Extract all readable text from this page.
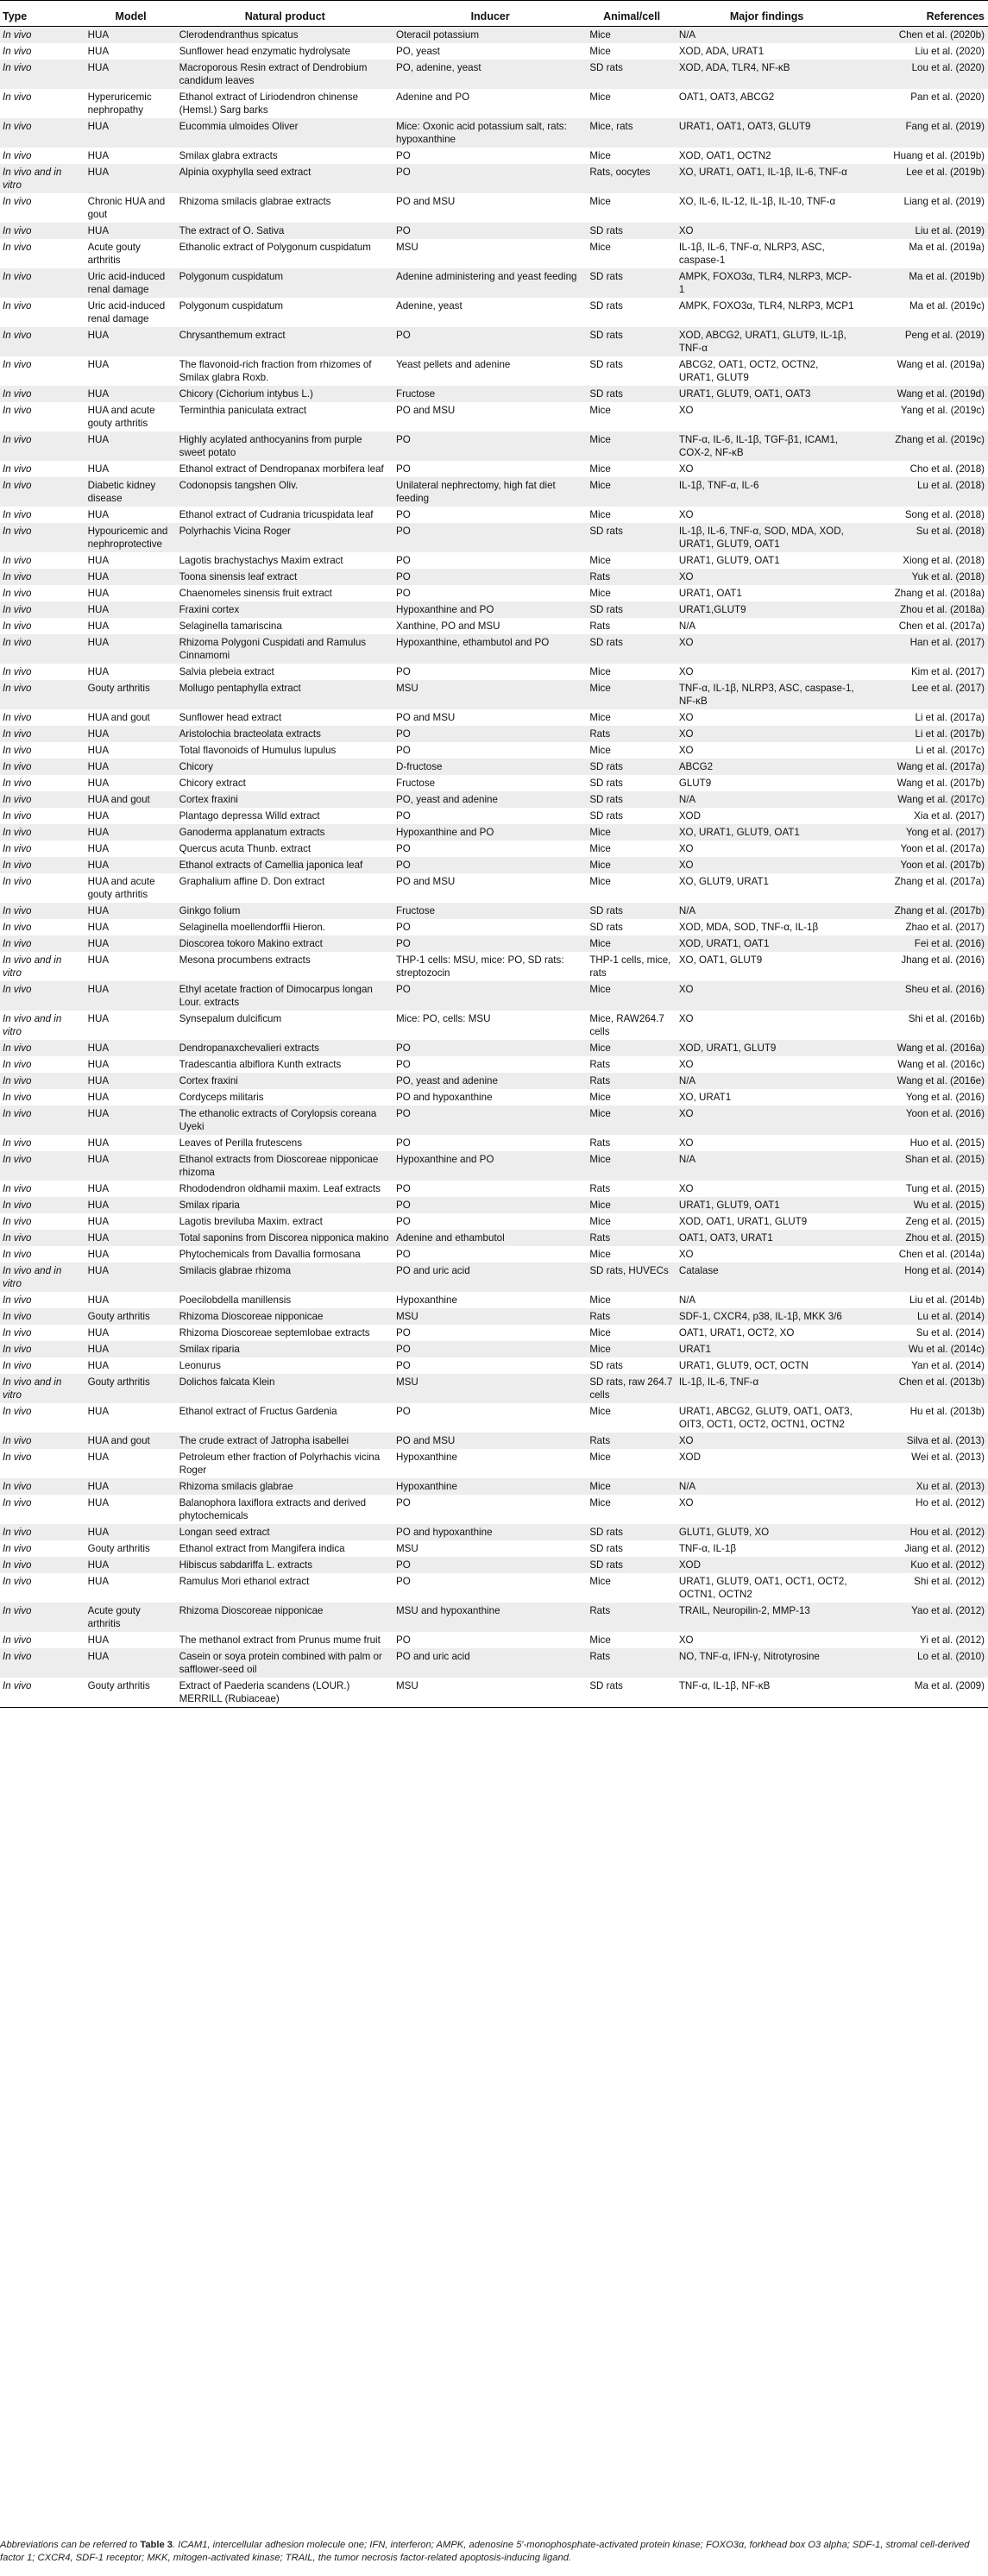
Type	Model	Natural product	Inducer	Animal/cell	Major findings	References
In vivo	HUA	Clerodendranthus spicatus	Oteracil potassium	Mice	N/A	Chen et al. (2020b)
In vivo	HUA	Sunflower head enzymatic hydrolysate	PO, yeast	Mice	XOD, ADA, URAT1	Liu et al. (2020)
In vivo	HUA	Macroporous Resin extract of Dendrobium candidum leaves	PO, adenine, yeast	SD rats	XOD, ADA, TLR4, NF-κB	Lou et al. (2020)
In vivo	Hyperuricemic nephropathy	Ethanol extract of Liriodendron chinense (Hemsl.) Sarg barks	Adenine and PO	Mice	OAT1, OAT3, ABCG2	Pan et al. (2020)
In vivo	HUA	Eucommia ulmoides Oliver	Mice: Oxonic acid potassium salt, rats: hypoxanthine	Mice, rats	URAT1, OAT1, OAT3, GLUT9	Fang et al. (2019)
In vivo	HUA	Smilax glabra extracts	PO	Mice	XOD, OAT1, OCTN2	Huang et al. (2019b)
In vivo and in vitro	HUA	Alpinia oxyphylla seed extract	PO	Rats, oocytes	XO, URAT1, OAT1, IL-1β, IL-6, TNF-α	Lee et al. (2019b)
In vivo	Chronic HUA and gout	Rhizoma smilacis glabrae extracts	PO and MSU	Mice	XO, IL-6, IL-12, IL-1β, IL-10, TNF-α	Liang et al. (2019)
In vivo	HUA	The extract of O. Sativa	PO	SD rats	XO	Liu et al. (2019)
In vivo	Acute gouty arthritis	Ethanolic extract of Polygonum cuspidatum	MSU	Mice	IL-1β, IL-6, TNF-α, NLRP3, ASC, caspase-1	Ma et al. (2019a)
In vivo	Uric acid-induced renal damage	Polygonum cuspidatum	Adenine administering and yeast feeding	SD rats	AMPK, FOXO3α, TLR4, NLRP3, MCP-1	Ma et al. (2019b)
In vivo	Uric acid-induced renal damage	Polygonum cuspidatum	Adenine, yeast	SD rats	AMPK, FOXO3α, TLR4, NLRP3, MCP1	Ma et al. (2019c)
In vivo	HUA	Chrysanthemum extract	PO	SD rats	XOD, ABCG2, URAT1, GLUT9, IL-1β, TNF-α	Peng et al. (2019)
In vivo	HUA	The flavonoid-rich fraction from rhizomes of Smilax glabra Roxb.	Yeast pellets and adenine	SD rats	ABCG2, OAT1, OCT2, OCTN2, URAT1, GLUT9	Wang et al. (2019a)
In vivo	HUA	Chicory (Cichorium intybus L.)	Fructose	SD rats	URAT1, GLUT9, OAT1, OAT3	Wang et al. (2019d)
In vivo	HUA and acute gouty arthritis	Terminthia paniculata extract	PO and MSU	Mice	XO	Yang et al. (2019c)
In vivo	HUA	Highly acylated anthocyanins from purple sweet potato	PO	Mice	TNF-α, IL-6, IL-1β, TGF-β1, ICAM1, COX-2, NF-κB	Zhang et al. (2019c)
In vivo	HUA	Ethanol extract of Dendropanax morbifera leaf	PO	Mice	XO	Cho et al. (2018)
In vivo	Diabetic kidney disease	Codonopsis tangshen Oliv.	Unilateral nephrectomy, high fat diet feeding	Mice	IL-1β, TNF-α, IL-6	Lu et al. (2018)
In vivo	HUA	Ethanol extract of Cudrania tricuspidata leaf	PO	Mice	XO	Song et al. (2018)
In vivo	Hypouricemic and nephroprotective	Polyrhachis Vicina Roger	PO	SD rats	IL-1β, IL-6, TNF-α, SOD, MDA, XOD, URAT1, GLUT9, OAT1	Su et al. (2018)
In vivo	HUA	Lagotis brachystachys Maxim extract	PO	Mice	URAT1, GLUT9, OAT1	Xiong et al. (2018)
In vivo	HUA	Toona sinensis leaf extract	PO	Rats	XO	Yuk et al. (2018)
In vivo	HUA	Chaenomeles sinensis fruit extract	PO	Mice	URAT1, OAT1	Zhang et al. (2018a)
In vivo	HUA	Fraxini cortex	Hypoxanthine and PO	SD rats	URAT1,GLUT9	Zhou et al. (2018a)
In vivo	HUA	Selaginella tamariscina	Xanthine, PO and MSU	Rats	N/A	Chen et al. (2017a)
In vivo	HUA	Rhizoma Polygoni Cuspidati and Ramulus Cinnamomi	Hypoxanthine, ethambutol and PO	SD rats	XO	Han et al. (2017)
In vivo	HUA	Salvia plebeia extract	PO	Mice	XO	Kim et al. (2017)
In vivo	Gouty arthritis	Mollugo pentaphylla extract	MSU	Mice	TNF-α, IL-1β, NLRP3, ASC, caspase-1, NF-κB	Lee et al. (2017)
In vivo	HUA and gout	Sunflower head extract	PO and MSU	Mice	XO	Li et al. (2017a)
In vivo	HUA	Aristolochia bracteolata extracts	PO	Rats	XO	Li et al. (2017b)
In vivo	HUA	Total flavonoids of Humulus lupulus	PO	Mice	XO	Li et al. (2017c)
In vivo	HUA	Chicory	D-fructose	SD rats	ABCG2	Wang et al. (2017a)
In vivo	HUA	Chicory extract	Fructose	SD rats	GLUT9	Wang et al. (2017b)
In vivo	HUA and gout	Cortex fraxini	PO, yeast and adenine	SD rats	N/A	Wang et al. (2017c)
In vivo	HUA	Plantago depressa Willd extract	PO	SD rats	XOD	Xia et al. (2017)
In vivo	HUA	Ganoderma applanatum extracts	Hypoxanthine and PO	Mice	XO, URAT1, GLUT9, OAT1	Yong et al. (2017)
In vivo	HUA	Quercus acuta Thunb. extract	PO	Mice	XO	Yoon et al. (2017a)
In vivo	HUA	Ethanol extracts of Camellia japonica leaf	PO	Mice	XO	Yoon et al. (2017b)
In vivo	HUA and acute gouty arthritis	Graphalium affine D. Don extract	PO and MSU	Mice	XO, GLUT9, URAT1	Zhang et al. (2017a)
In vivo	HUA	Ginkgo folium	Fructose	SD rats	N/A	Zhang et al. (2017b)
In vivo	HUA	Selaginella moellendorffii Hieron.	PO	SD rats	XOD, MDA, SOD, TNF-α, IL-1β	Zhao et al. (2017)
In vivo	HUA	Dioscorea tokoro Makino extract	PO	Mice	XOD, URAT1, OAT1	Fei et al. (2016)
In vivo and in vitro	HUA	Mesona procumbens extracts	THP-1 cells: MSU, mice: PO, SD rats: streptozocin	THP-1 cells, mice, rats	XO, OAT1, GLUT9	Jhang et al. (2016)
In vivo	HUA	Ethyl acetate fraction of Dimocarpus longan Lour. extracts	PO	Mice	XO	Sheu et al. (2016)
In vivo and in vitro	HUA	Synsepalum dulcificum	Mice: PO, cells: MSU	Mice, RAW264.7 cells	XO	Shi et al. (2016b)
In vivo	HUA	Dendropanaxchevalieri extracts	PO	Mice	XOD, URAT1, GLUT9	Wang et al. (2016a)
In vivo	HUA	Tradescantia albiflora Kunth extracts	PO	Rats	XO	Wang et al. (2016c)
In vivo	HUA	Cortex fraxini	PO, yeast and adenine	Rats	N/A	Wang et al. (2016e)
In vivo	HUA	Cordyceps militaris	PO and hypoxanthine	Mice	XO, URAT1	Yong et al. (2016)
In vivo	HUA	The ethanolic extracts of Corylopsis coreana Uyeki	PO	Mice	XO	Yoon et al. (2016)
In vivo	HUA	Leaves of Perilla frutescens	PO	Rats	XO	Huo et al. (2015)
In vivo	HUA	Ethanol extracts from Dioscoreae nipponicae rhizoma	Hypoxanthine and PO	Mice	N/A	Shan et al. (2015)
In vivo	HUA	Rhododendron oldhamii maxim. Leaf extracts	PO	Rats	XO	Tung et al. (2015)
In vivo	HUA	Smilax riparia	PO	Mice	URAT1, GLUT9, OAT1	Wu et al. (2015)
In vivo	HUA	Lagotis breviluba Maxim. extract	PO	Mice	XOD, OAT1, URAT1, GLUT9	Zeng et al. (2015)
In vivo	HUA	Total saponins from Discorea nipponica makino	Adenine and ethambutol	Rats	OAT1, OAT3, URAT1	Zhou et al. (2015)
In vivo	HUA	Phytochemicals from Davallia formosana	PO	Mice	XO	Chen et al. (2014a)
In vivo and in vitro	HUA	Smilacis glabrae rhizoma	PO and uric acid	SD rats, HUVECs	Catalase	Hong et al. (2014)
In vivo	HUA	Poecilobdella manillensis	Hypoxanthine	Mice	N/A	Liu et al. (2014b)
In vivo	Gouty arthritis	Rhizoma Dioscoreae nipponicae	MSU	Rats	SDF-1, CXCR4, p38, IL-1β, MKK 3/6	Lu et al. (2014)
In vivo	HUA	Rhizoma Dioscoreae septemlobae extracts	PO	Mice	OAT1, URAT1, OCT2, XO	Su et al. (2014)
In vivo	HUA	Smilax riparia	PO	Mice	URAT1	Wu et al. (2014c)
In vivo	HUA	Leonurus	PO	SD rats	URAT1, GLUT9, OCT, OCTN	Yan et al. (2014)
In vivo and in vitro	Gouty arthritis	Dolichos falcata Klein	MSU	SD rats, raw 264.7 cells	IL-1β, IL-6, TNF-α	Chen et al. (2013b)
In vivo	HUA	Ethanol extract of Fructus Gardenia	PO	Mice	URAT1, ABCG2, GLUT9, OAT1, OAT3, OIT3, OCT1, OCT2, OCTN1, OCTN2	Hu et al. (2013b)
In vivo	HUA and gout	The crude extract of Jatropha isabellei	PO and MSU	Rats	XO	Silva et al. (2013)
In vivo	HUA	Petroleum ether fraction of Polyrhachis vicina Roger	Hypoxanthine	Mice	XOD	Wei et al. (2013)
In vivo	HUA	Rhizoma smilacis glabrae	Hypoxanthine	Mice	N/A	Xu et al. (2013)
In vivo	HUA	Balanophora laxiflora extracts and derived phytochemicals	PO	Mice	XO	Ho et al. (2012)
In vivo	HUA	Longan seed extract	PO and hypoxanthine	SD rats	GLUT1, GLUT9, XO	Hou et al. (2012)
In vivo	Gouty arthritis	Ethanol extract from Mangifera indica	MSU	SD rats	TNF-α, IL-1β	Jiang et al. (2012)
In vivo	HUA	Hibiscus sabdariffa L. extracts	PO	SD rats	XOD	Kuo et al. (2012)
In vivo	HUA	Ramulus Mori ethanol extract	PO	Mice	URAT1, GLUT9, OAT1, OCT1, OCT2, OCTN1, OCTN2	Shi et al. (2012)
In vivo	Acute gouty arthritis	Rhizoma Dioscoreae nipponicae	MSU and hypoxanthine	Rats	TRAIL, Neuropilin-2, MMP-13	Yao et al. (2012)
In vivo	HUA	The methanol extract from Prunus mume fruit	PO	Mice	XO	Yi et al. (2012)
In vivo	HUA	Casein or soya protein combined with palm or safflower-seed oil	PO and uric acid	Rats	NO, TNF-α, IFN-γ, Nitrotyrosine	Lo et al. (2010)
In vivo	Gouty arthritis	Extract of Paederia scandens (LOUR.) MERRILL (Rubiaceae)	MSU	SD rats	TNF-α, IL-1β, NF-κB	Ma et al. (2009)
Abbreviations can be referred to Table 3. ICAM1, intercellular adhesion molecule one; IFN, interferon; AMPK, adenosine 5′-monophosphate-activated protein kinase; FOXO3α, forkhead box O3 alpha; SDF-1, stromal cell-derived factor 1; CXCR4, SDF-1 receptor; MKK, mitogen-activated kinase; TRAIL, the tumor necrosis factor-related apoptosis-inducing ligand.
